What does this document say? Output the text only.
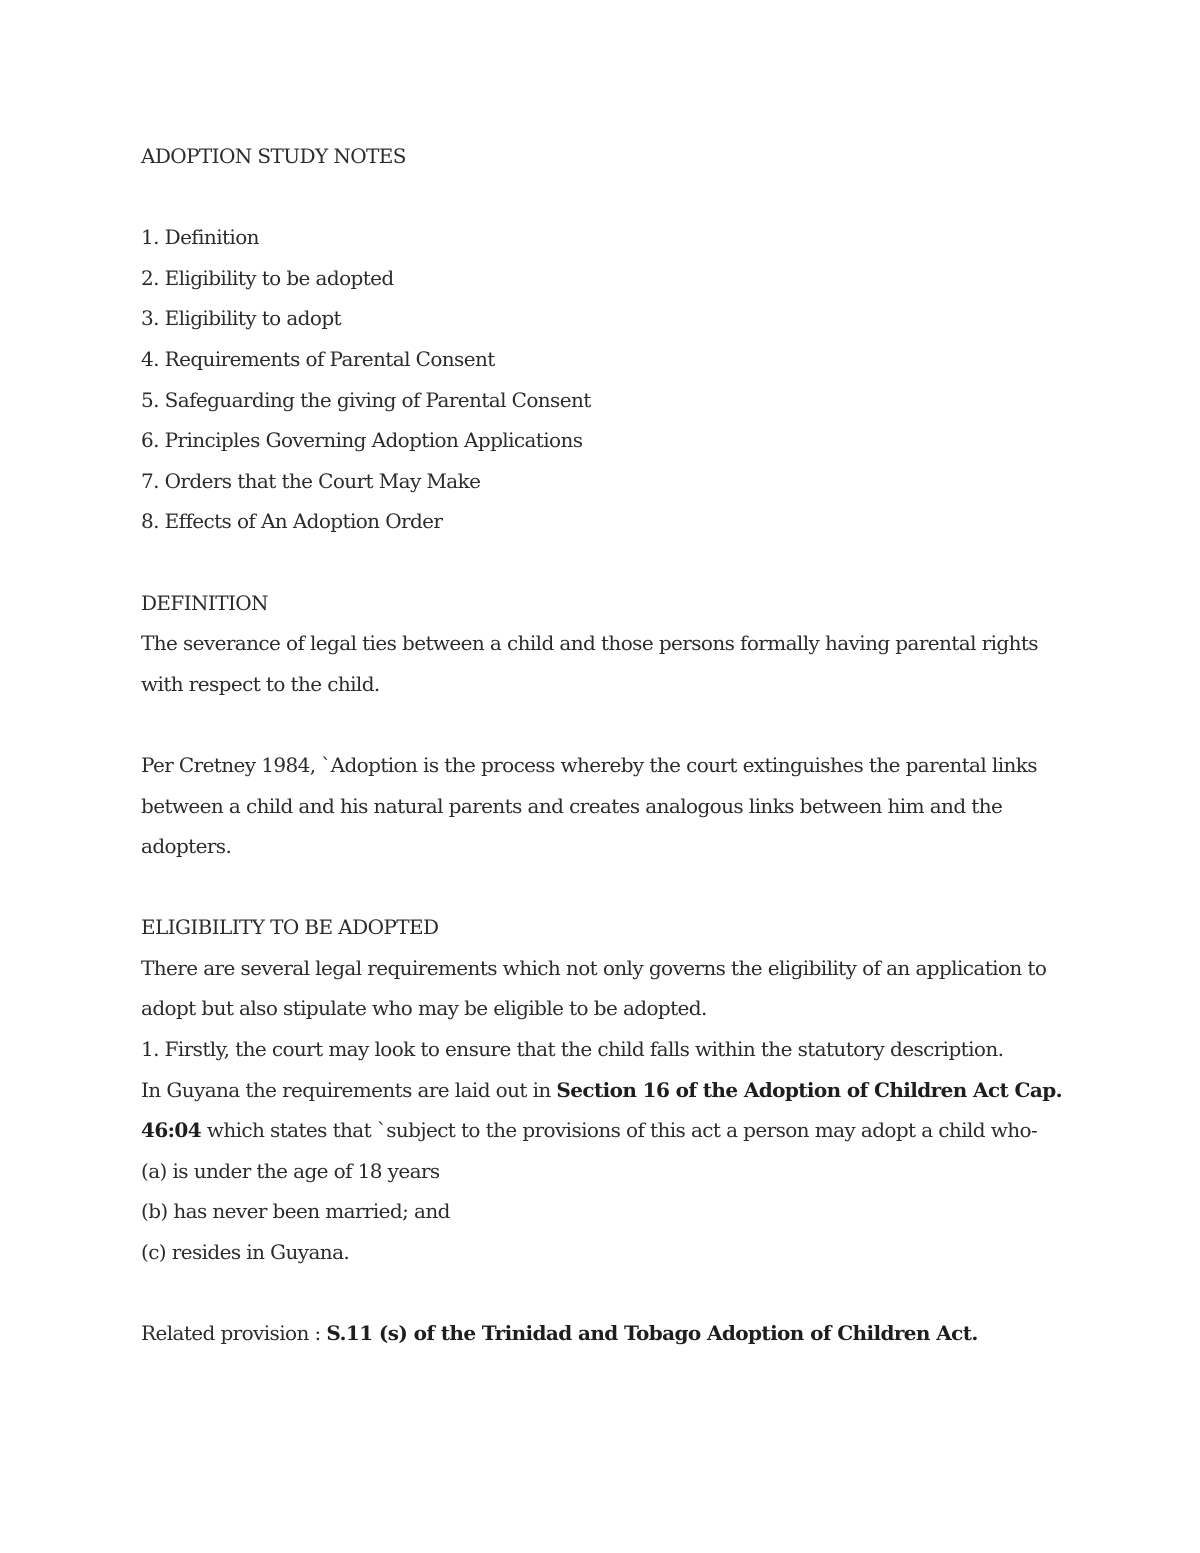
ADOPTION STUDY NOTES

1. Definition

2. Eligibility to be adopted

3. Eligibility to adopt

4. Requirements of Parental Consent

5. Safeguarding the giving of Parental Consent

6. Principles Governing Adoption Applications

7. Orders that the Court May Make

8. Effects of An Adoption Order

DEFINITION

The severance of legal ties between a child and those persons formally having parental rights

with respect to the child.

Per Cretney 1984, `Adoption is the process whereby the court extinguishes the parental links

between a child and his natural parents and creates analogous links between him and the

adopters.

ELIGIBILITY TO BE ADOPTED

There are several legal requirements which not only governs the eligibility of an application to

adopt but also stipulate who may be eligible to be adopted.

1. Firstly, the court may look to ensure that the child falls within the statutory description.

In Guyana the requirements are laid out in Section 16 of the Adoption of Children Act Cap.

46:04 which states that `subject to the provisions of this act a person may adopt a child who-

(a) is under the age of 18 years

(b) has never been married; and

(c) resides in Guyana.

Related provision : S.11 (s) of the Trinidad and Tobago Adoption of Children Act.
